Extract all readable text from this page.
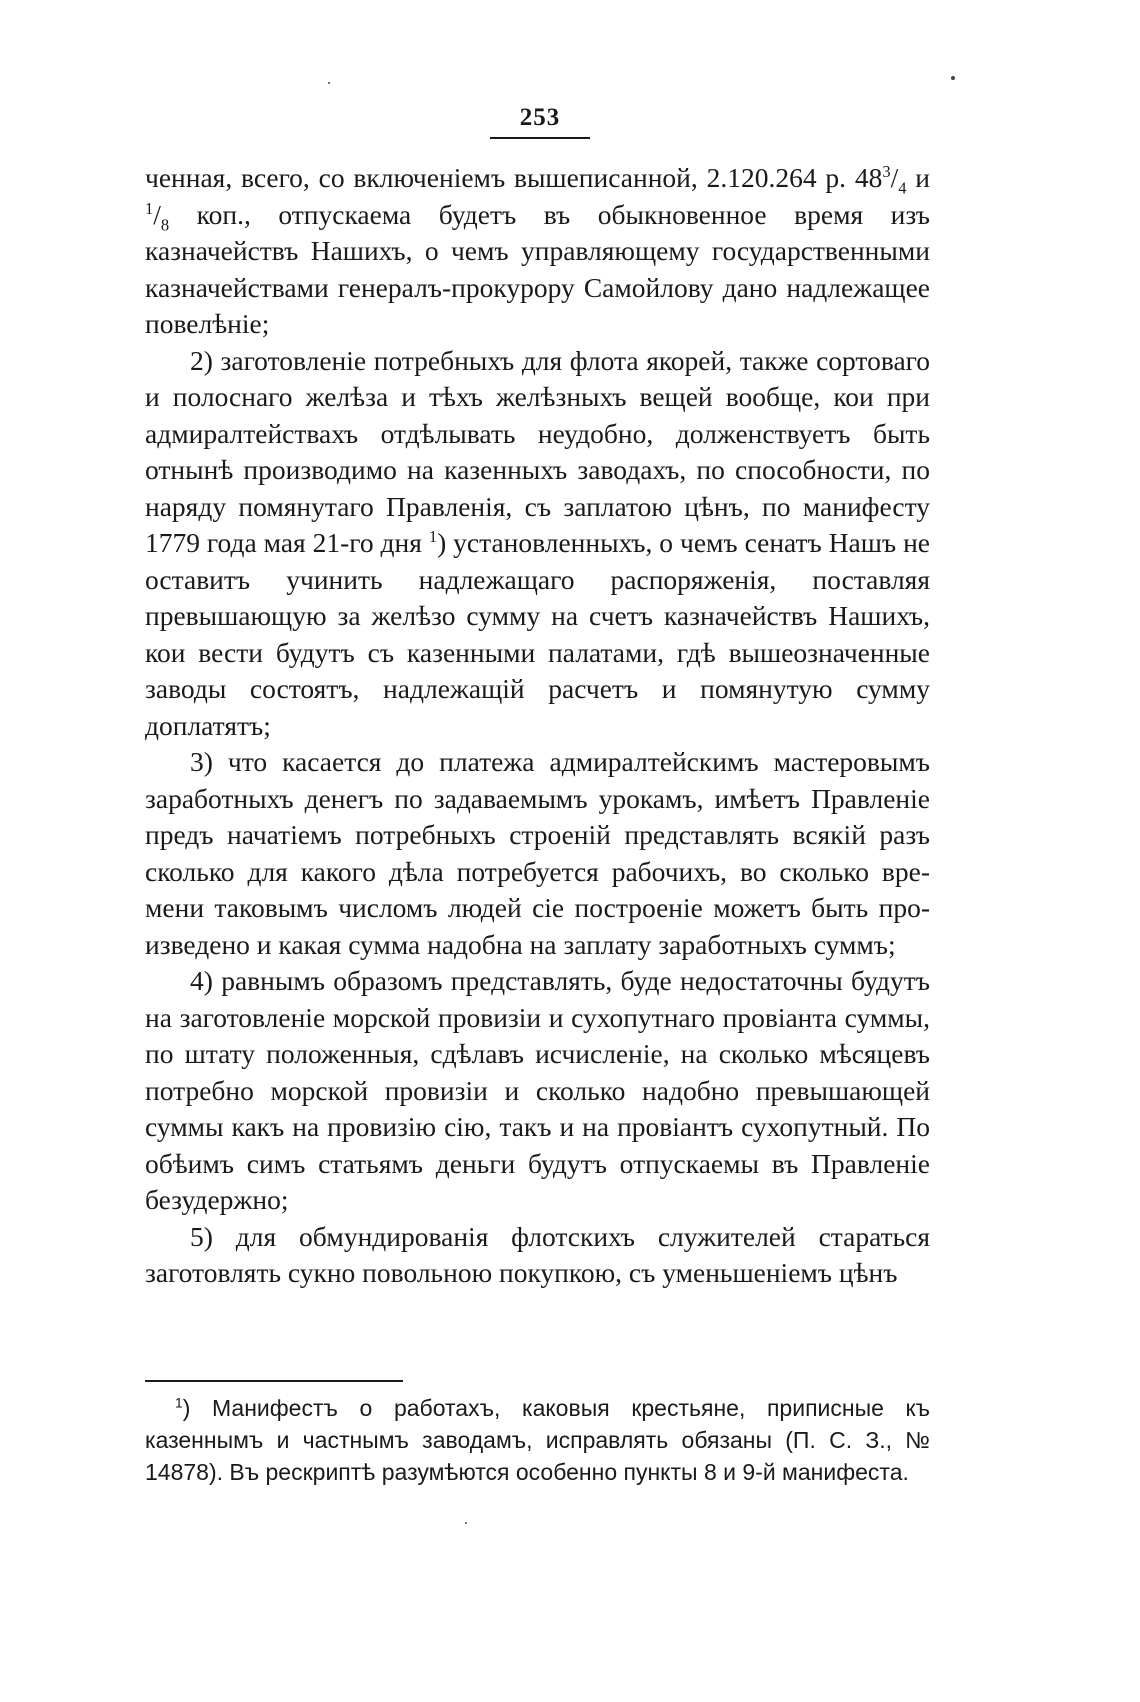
253

ченная, всего, со включеніемъ вышеписанной, 2.120.264 р. $48^3/_4$ и $^1/_8$ коп., отпускаема будетъ въ обыкновенное время изъ казначействъ Нашихъ, о чемъ управляющему государственными казначействами генералъ-прокурору Самойлову дано надлежащее повелѣніе;

2) заготовленіе потребныхъ для флота якорей, также сортоваго и полоснаго желѣза и тѣхъ желѣзныхъ вещей вообще, кои при адмиралтействахъ отдѣлывать неудобно, долженствуетъ быть отнынѣ производимо на казенныхъ заводахъ, по способности, по наряду помянутаго Правленія, съ заплатою цѣнъ, по манифесту 1779 года мая 21-го дня $^1$) установленныхъ, о чемъ сенатъ Нашъ не оставитъ учинить надлежащаго распоряженія, поставляя превышающую за желѣзо сумму на счетъ казначействъ Нашихъ, кои вести будутъ съ казенными палатами, гдѣ вышеозначенные заводы состоятъ, надлежащій расчетъ и помянутую сумму доплатятъ;

3) что касается до платежа адмиралтейскимъ мастеровымъ заработныхъ денегъ по задаваемымъ урокамъ, имѣетъ Правленіе предъ начатіемъ потребныхъ строеній представлять всякій разъ сколько для какого дѣла потребуется рабочихъ, во сколько времени таковымъ числомъ людей сіе построеніе можетъ быть произведено и какая сумма надобна на заплату заработныхъ суммъ;

4) равнымъ образомъ представлять, буде недостаточны будутъ на заготовленіе морской провизіи и сухопутнаго провіанта суммы, по штату положенныя, сдѣлавъ исчисленіе, на сколько мѣсяцевъ потребно морской провизіи и сколько надобно превышающей суммы какъ на провизію сію, такъ и на провіантъ сухопутный. По обѣимъ симъ статьямъ деньги будутъ отпускаемы въ Правленіе безудержно;

5) для обмундированія флотскихъ служителей стараться заготовлять сукно повольною покупкою, съ уменьшеніемъ цѣнъ

$^1$) Манифестъ о работахъ, каковыя крестьяне, приписные къ казеннымъ и частнымъ заводамъ, исправлять обязаны (П. С. З., № 14878). Въ рескриптѣ разумѣются особенно пункты 8 и 9-й манифеста.
